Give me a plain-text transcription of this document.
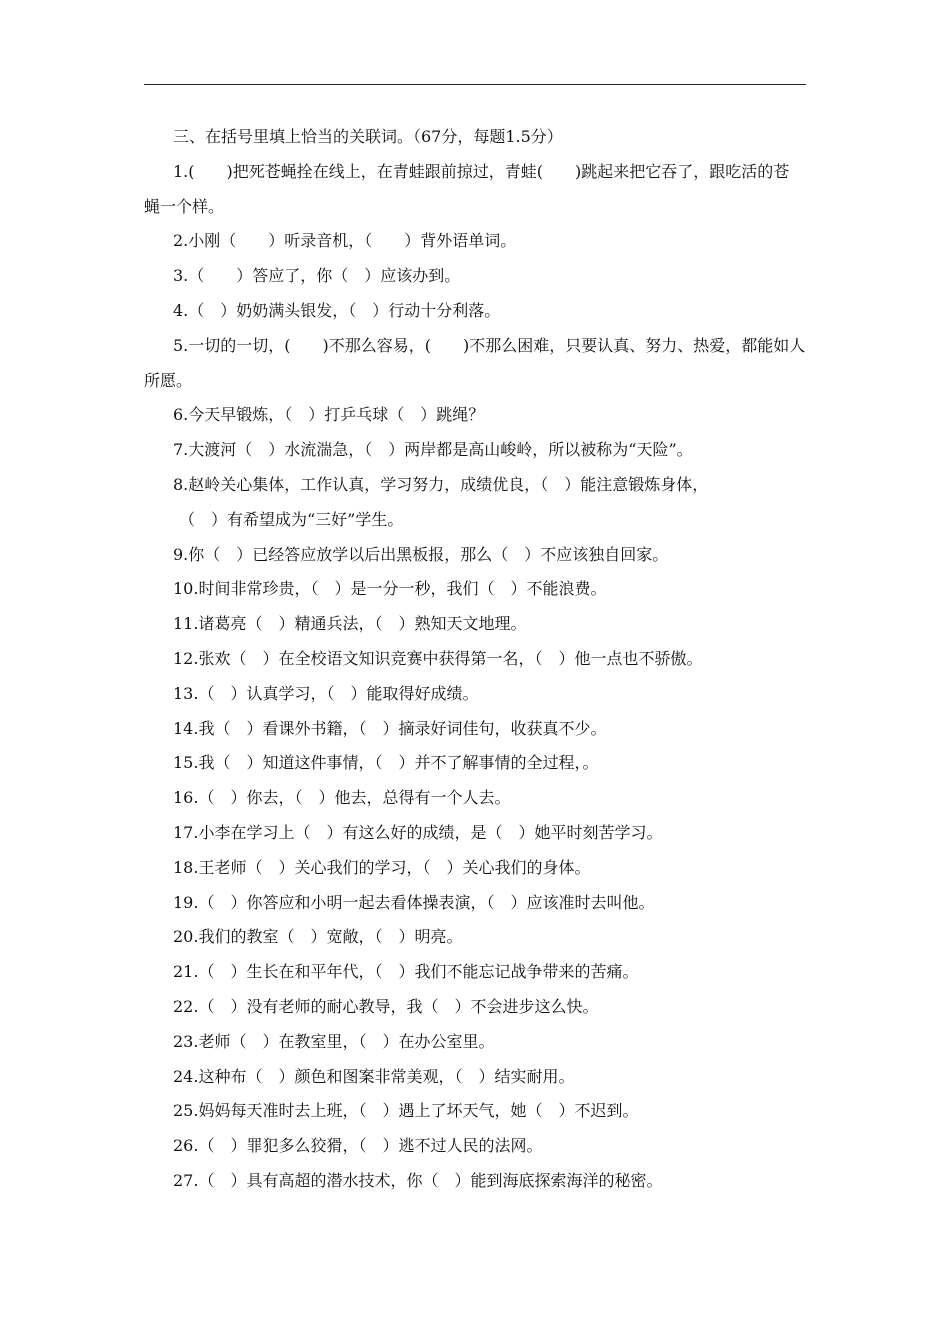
三、在括号里填上恰当的关联词。（67分，每题1.5分）

1.(　　)把死苍蝇拴在线上，在青蛙跟前掠过，青蛙(　　)跳起来把它吞了，跟吃活的苍

蝇一个样。

2.小刚（　　）听录音机，（　　）背外语单词。

3.（　　）答应了，你（　）应该办到。

4.（　）奶奶满头银发，（　）行动十分利落。

5.一切的一切，(　　)不那么容易，(　　)不那么困难，只要认真、努力、热爱，都能如人

所愿。

6.今天早锻炼，（　）打乒乓球（　）跳绳？

7.大渡河（　）水流湍急，（　）两岸都是高山峻岭，所以被称为“天险”。

8.赵岭关心集体，工作认真，学习努力，成绩优良，（　）能注意锻炼身体，

（　）有希望成为“三好”学生。

9.你（　）已经答应放学以后出黑板报，那么（　）不应该独自回家。

10.时间非常珍贵，（　）是一分一秒，我们（　）不能浪费。

11.诸葛亮（　）精通兵法，（　）熟知天文地理。

12.张欢（　）在全校语文知识竞赛中获得第一名，（　）他一点也不骄傲。

13.（　）认真学习，（　）能取得好成绩。

14.我（　）看课外书籍，（　）摘录好词佳句，收获真不少。

15.我（　）知道这件事情，（　）并不了解事情的全过程，。

16.（　）你去，（　）他去，总得有一个人去。

17.小李在学习上（　）有这么好的成绩，是（　）她平时刻苦学习。

18.王老师（　）关心我们的学习，（　）关心我们的身体。

19.（　）你答应和小明一起去看体操表演，（　）应该准时去叫他。

20.我们的教室（　）宽敞，（　）明亮。

21.（　）生长在和平年代，（　）我们不能忘记战争带来的苦痛。

22.（　）没有老师的耐心教导，我（　）不会进步这么快。

23.老师（　）在教室里，（　）在办公室里。

24.这种布（　）颜色和图案非常美观，（　）结实耐用。

25.妈妈每天准时去上班，（　）遇上了坏天气，她（　）不迟到。

26.（　）罪犯多么狡猾，（　）逃不过人民的法网。

27.（　）具有高超的潜水技术，你（　）能到海底探索海洋的秘密。
